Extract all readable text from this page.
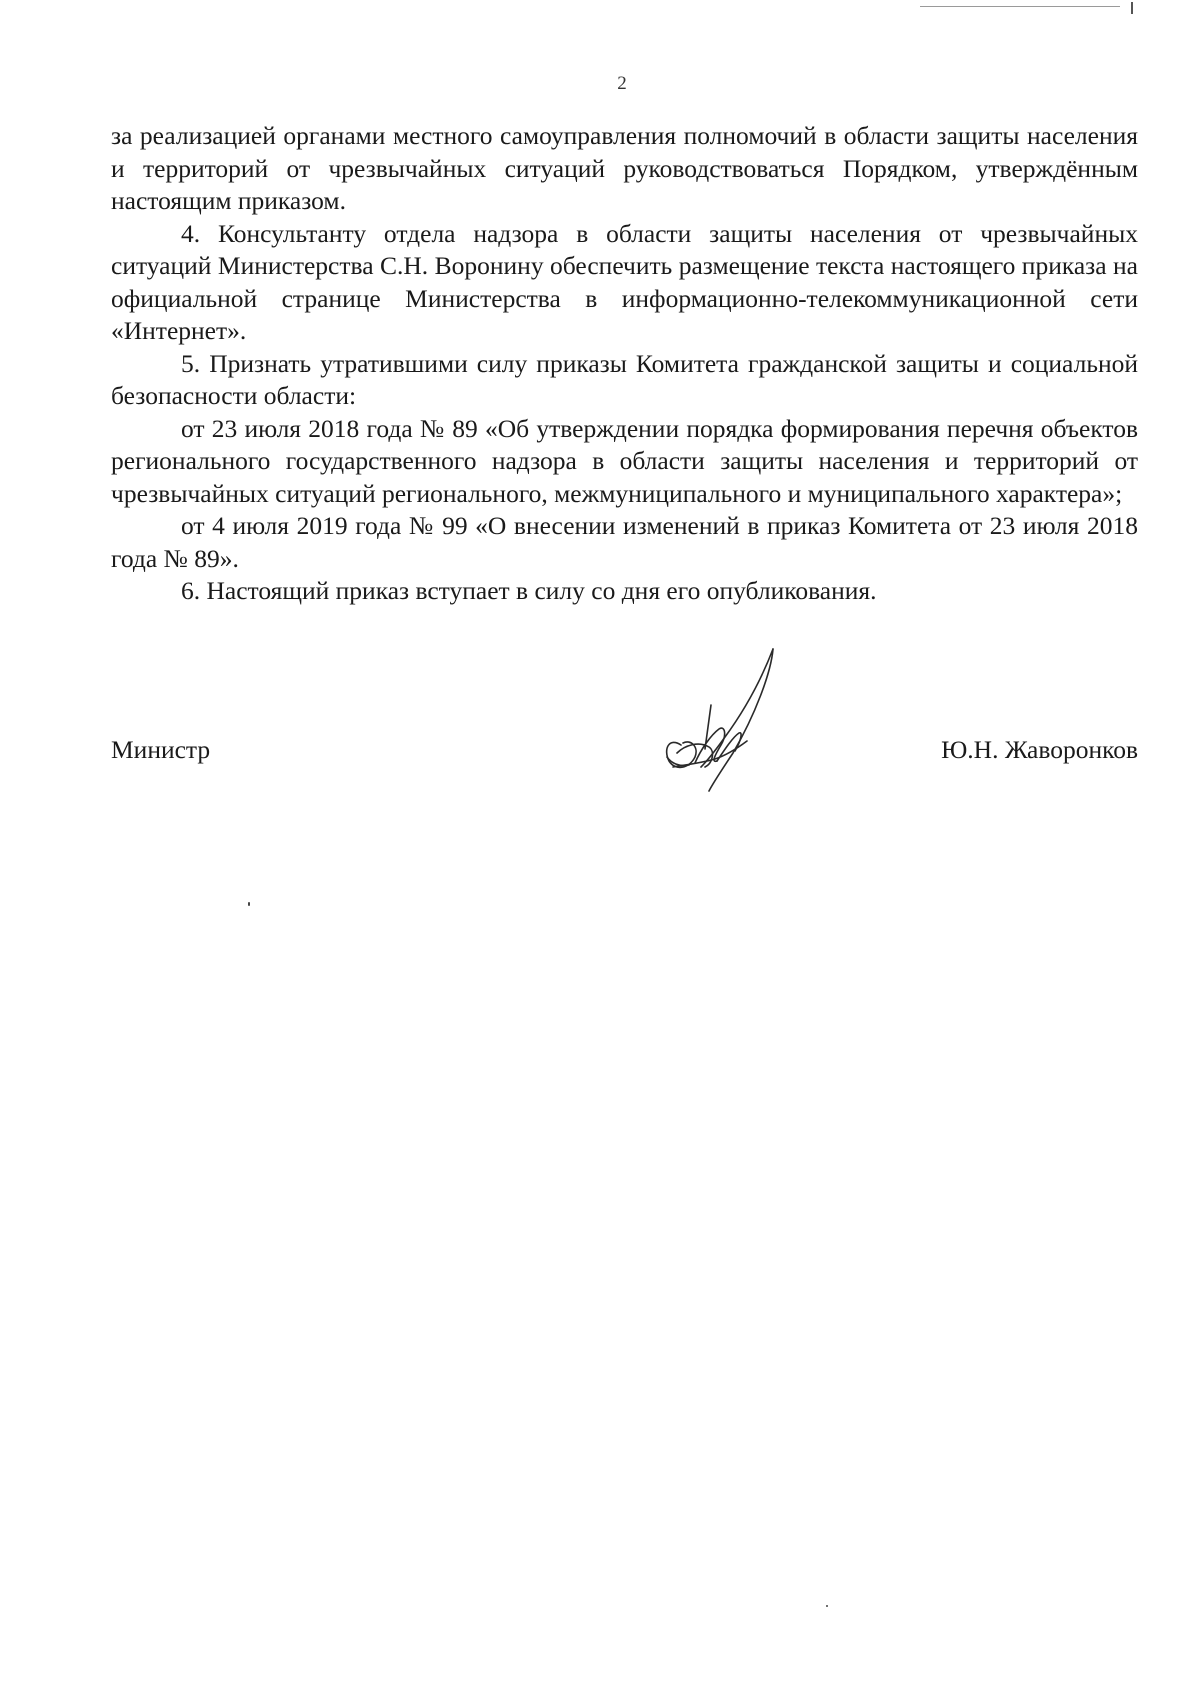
2

за реализацией органами местного самоуправления полномочий в области защиты населения и территорий от чрезвычайных ситуаций руководствоваться Порядком, утверждённым настоящим приказом.

4. Консультанту отдела надзора в области защиты населения от чрезвычайных ситуаций Министерства С.Н. Воронину обеспечить размещение текста настоящего приказа на официальной странице Министерства в информационно-телекоммуникационной сети «Интернет».

5. Признать утратившими силу приказы Комитета гражданской защиты и социальной безопасности области:

от 23 июля 2018 года № 89 «Об утверждении порядка формирования перечня объектов регионального государственного надзора в области защиты населения и территорий от чрезвычайных ситуаций регионального, межмуниципального и муниципального характера»;

от 4 июля 2019 года № 99 «О внесении изменений в приказ Комитета от 23 июля 2018 года № 89».

6. Настоящий приказ вступает в силу со дня его опубликования.

Министр	Ю.Н. Жаворонков
